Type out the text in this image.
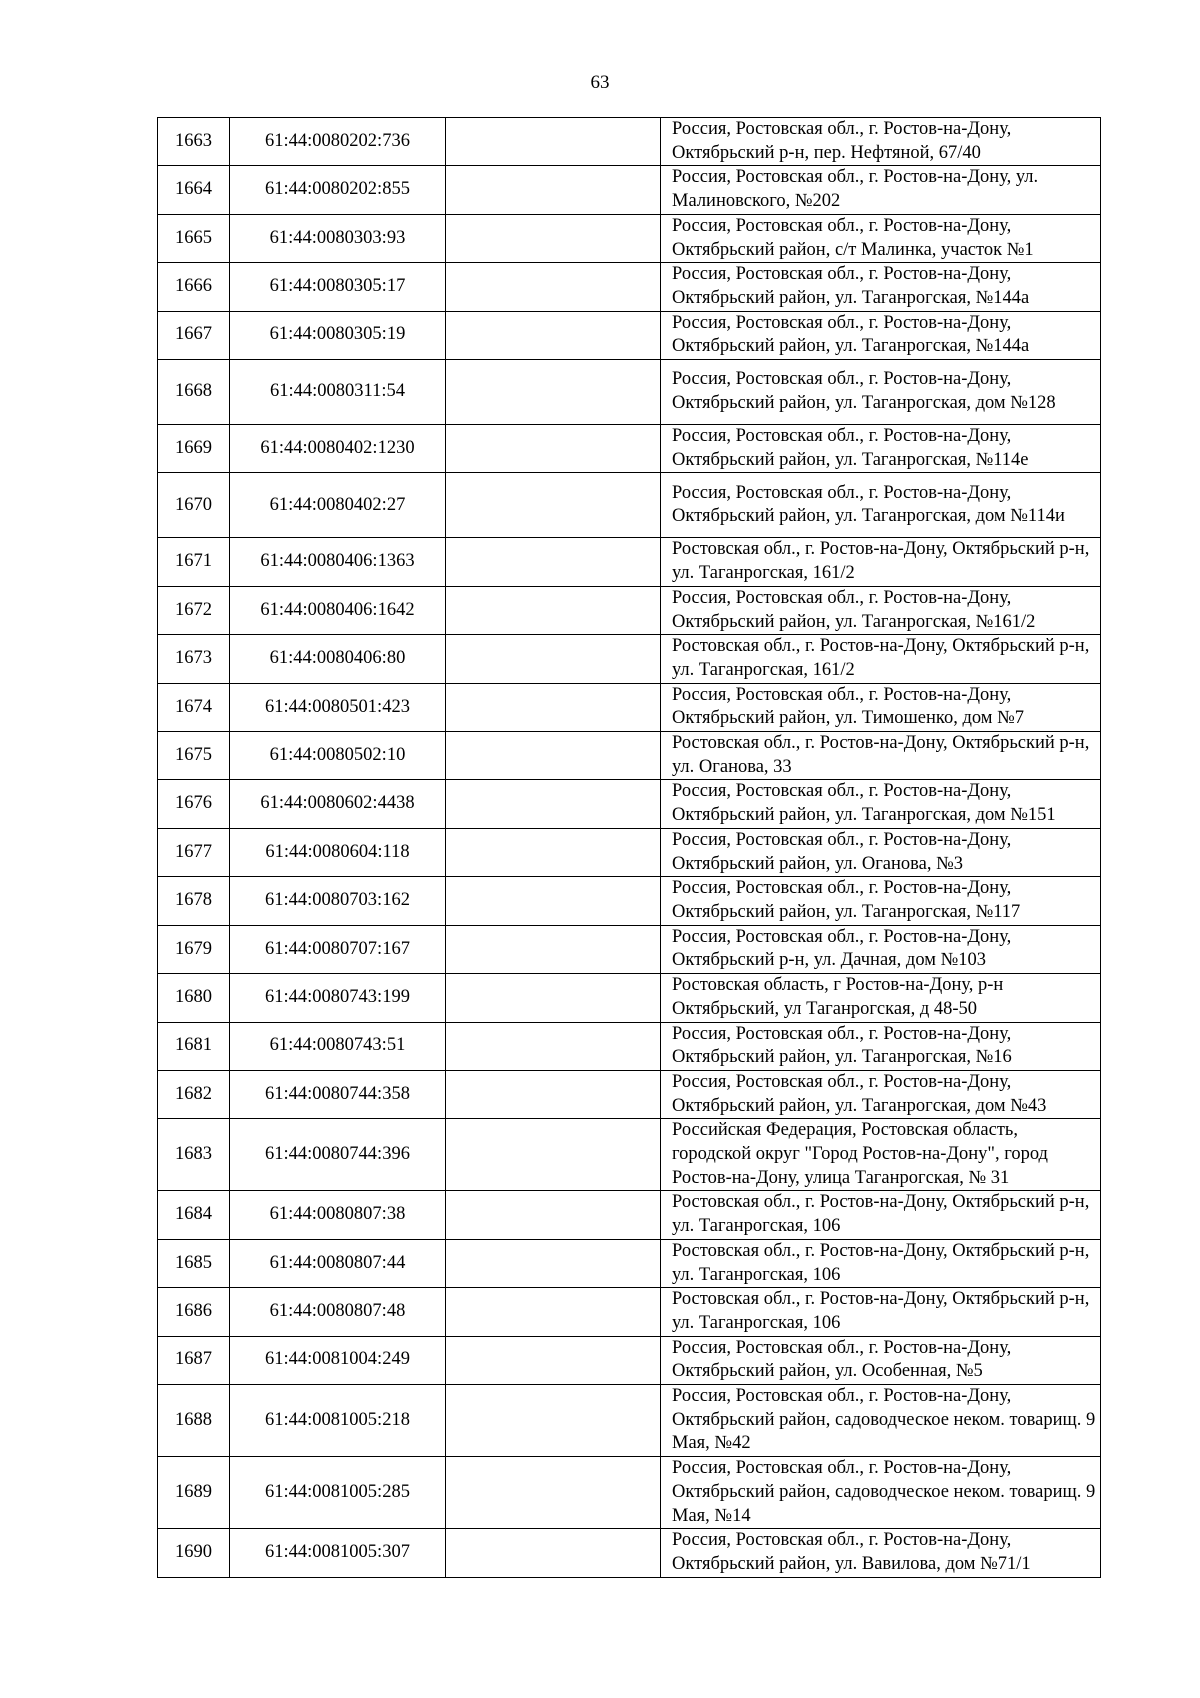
63
1663	61:44:0080202:736		Россия, Ростовская обл., г. Ростов-на-Дону, Октябрьский р-н, пер. Нефтяной, 67/40
1664	61:44:0080202:855		Россия, Ростовская обл., г. Ростов-на-Дону, ул. Малиновского, №202
1665	61:44:0080303:93		Россия, Ростовская обл., г. Ростов-на-Дону, Октябрьский район, с/т Малинка, участок №1
1666	61:44:0080305:17		Россия, Ростовская обл., г. Ростов-на-Дону, Октябрьский район, ул. Таганрогская, №144а
1667	61:44:0080305:19		Россия, Ростовская обл., г. Ростов-на-Дону, Октябрьский район, ул. Таганрогская, №144а
1668	61:44:0080311:54		Россия, Ростовская обл., г. Ростов-на-Дону, Октябрьский район, ул. Таганрогская, дом №128
1669	61:44:0080402:1230		Россия, Ростовская обл., г. Ростов-на-Дону, Октябрьский район, ул. Таганрогская, №114е
1670	61:44:0080402:27		Россия, Ростовская обл., г. Ростов-на-Дону, Октябрьский район, ул. Таганрогская, дом №114и
1671	61:44:0080406:1363		Ростовская обл., г. Ростов-на-Дону, Октябрьский р-н, ул. Таганрогская, 161/2
1672	61:44:0080406:1642		Россия, Ростовская обл., г. Ростов-на-Дону, Октябрьский район, ул. Таганрогская, №161/2
1673	61:44:0080406:80		Ростовская обл., г. Ростов-на-Дону, Октябрьский р-н, ул. Таганрогская, 161/2
1674	61:44:0080501:423		Россия, Ростовская обл., г. Ростов-на-Дону, Октябрьский район, ул. Тимошенко, дом №7
1675	61:44:0080502:10		Ростовская обл., г. Ростов-на-Дону, Октябрьский р-н, ул. Оганова, 33
1676	61:44:0080602:4438		Россия, Ростовская обл., г. Ростов-на-Дону, Октябрьский район, ул. Таганрогская, дом №151
1677	61:44:0080604:118		Россия, Ростовская обл., г. Ростов-на-Дону, Октябрьский район, ул. Оганова, №3
1678	61:44:0080703:162		Россия, Ростовская обл., г. Ростов-на-Дону, Октябрьский район, ул. Таганрогская, №117
1679	61:44:0080707:167		Россия, Ростовская обл., г. Ростов-на-Дону, Октябрьский р-н, ул. Дачная, дом №103
1680	61:44:0080743:199		Ростовская область, г Ростов-на-Дону, р-н Октябрьский, ул Таганрогская, д 48-50
1681	61:44:0080743:51		Россия, Ростовская обл., г. Ростов-на-Дону, Октябрьский район, ул. Таганрогская, №16
1682	61:44:0080744:358		Россия, Ростовская обл., г. Ростов-на-Дону, Октябрьский район, ул. Таганрогская, дом №43
1683	61:44:0080744:396		Российская Федерация, Ростовская область, городской округ "Город Ростов-на-Дону", город Ростов-на-Дону, улица Таганрогская, № 31
1684	61:44:0080807:38		Ростовская обл., г. Ростов-на-Дону, Октябрьский р-н, ул. Таганрогская, 106
1685	61:44:0080807:44		Ростовская обл., г. Ростов-на-Дону, Октябрьский р-н, ул. Таганрогская, 106
1686	61:44:0080807:48		Ростовская обл., г. Ростов-на-Дону, Октябрьский р-н, ул. Таганрогская, 106
1687	61:44:0081004:249		Россия, Ростовская обл., г. Ростов-на-Дону, Октябрьский район, ул. Особенная, №5
1688	61:44:0081005:218		Россия, Ростовская обл., г. Ростов-на-Дону, Октябрьский район, садоводческое неком. товарищ. 9 Мая, №42
1689	61:44:0081005:285		Россия, Ростовская обл., г. Ростов-на-Дону, Октябрьский район, садоводческое неком. товарищ. 9 Мая, №14
1690	61:44:0081005:307		Россия, Ростовская обл., г. Ростов-на-Дону, Октябрьский район, ул. Вавилова, дом №71/1
